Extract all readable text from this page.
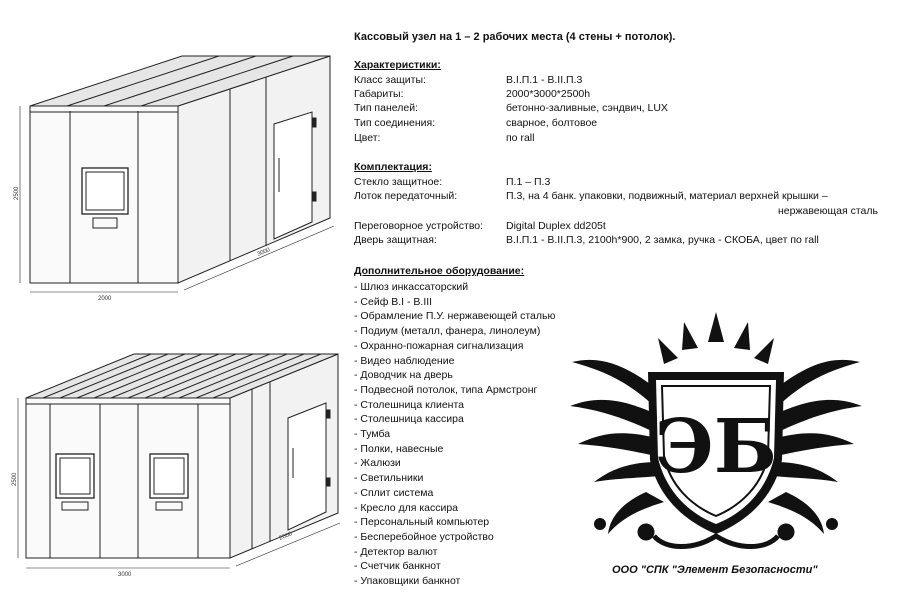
2500
2000
3000
2500
3000
2000
Кассовый узел на 1 – 2 рабочих места (4 стены + потолок).
Характеристики:
Класс защиты:	В.I.П.1 - В.II.П.3
Габариты:	2000*3000*2500h
Тип панелей:	бетонно-заливные, сэндвич, LUX
Тип соединения:	сварное, болтовое
Цвет:	по rall
Комплектация:
Стекло защитное:	П.1 – П.3
Лоток передаточный:	П.3, на 4 банк. упаковки, подвижный, материал верхней крышки –
нержавеющая сталь
Переговорное устройство: Digital Duplex dd205t
Дверь защитная:	В.I.П.1 - В.II.П.3, 2100h*900, 2 замка, ручка - СКОБА, цвет по rall
Дополнительное оборудование:
- Шлюз инкассаторский
- Сейф В.I - В.III
- Обрамление П.У. нержавеющей сталью
- Подиум (металл, фанера, линолеум)
- Охранно-пожарная сигнализация
- Видео наблюдение
- Доводчик на дверь
- Подвесной потолок, типа Армстронг
- Столешница клиента
- Столешница кассира
- Тумба
- Полки, навесные
- Жалюзи
- Светильники
- Сплит система
- Кресло для кассира
- Персональный компьютер
- Бесперебойное устройство
- Детектор валют
- Счетчик банкнот
- Упаковщики банкнот
ЭБ
ООО "СПК "Элемент Безопасности"
